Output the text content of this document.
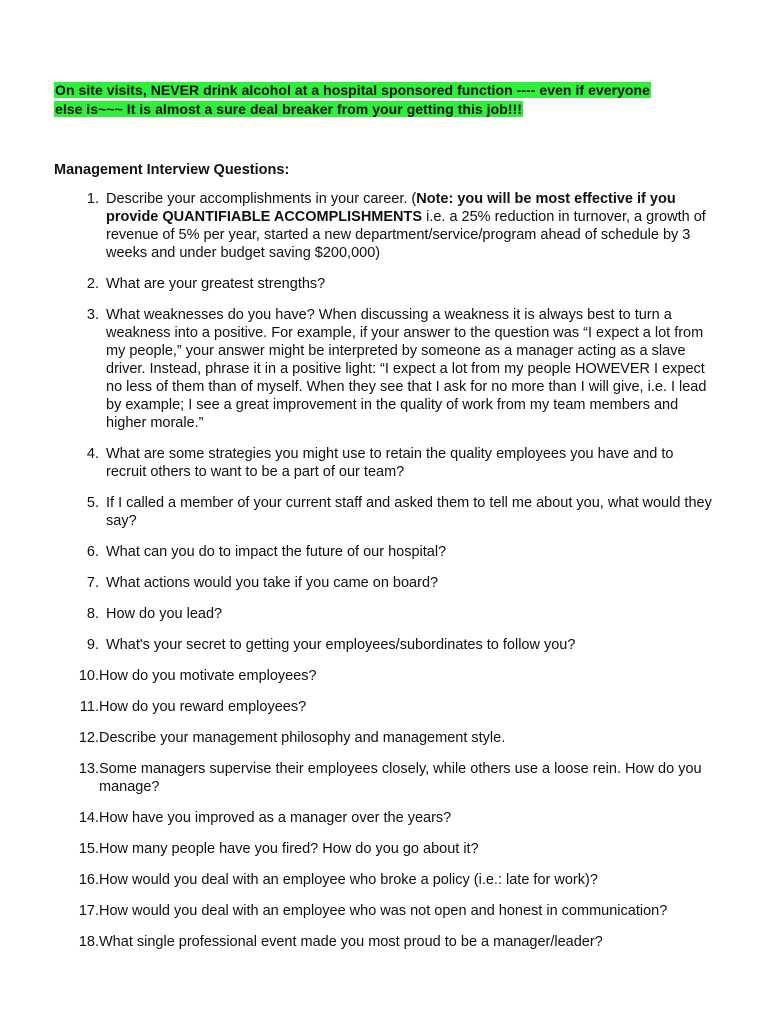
On site visits, NEVER drink alcohol at a hospital sponsored function ---- even if everyone
else is~~~ It is almost a sure deal breaker from your getting this job!!!
Management Interview Questions:
1. Describe your accomplishments in your career. (Note: you will be most effective if you provide QUANTIFIABLE ACCOMPLISHMENTS i.e. a 25% reduction in turnover, a growth of revenue of 5% per year, started a new department/service/program ahead of schedule by 3 weeks and under budget saving $200,000)
2. What are your greatest strengths?
3. What weaknesses do you have? When discussing a weakness it is always best to turn a weakness into a positive. For example, if your answer to the question was “I expect a lot from my people,” your answer might be interpreted by someone as a manager acting as a slave driver. Instead, phrase it in a positive light: “I expect a lot from my people HOWEVER I expect no less of them than of myself. When they see that I ask for no more than I will give, i.e. I lead by example; I see a great improvement in the quality of work from my team members and higher morale.”
4. What are some strategies you might use to retain the quality employees you have and to recruit others to want to be a part of our team?
5. If I called a member of your current staff and asked them to tell me about you, what would they say?
6. What can you do to impact the future of our hospital?
7. What actions would you take if you came on board?
8. How do you lead?
9. What's your secret to getting your employees/subordinates to follow you?
10. How do you motivate employees?
11. How do you reward employees?
12. Describe your management philosophy and management style.
13. Some managers supervise their employees closely, while others use a loose rein. How do you manage?
14. How have you improved as a manager over the years?
15. How many people have you fired? How do you go about it?
16. How would you deal with an employee who broke a policy (i.e.: late for work)?
17. How would you deal with an employee who was not open and honest in communication?
18. What single professional event made you most proud to be a manager/leader?
